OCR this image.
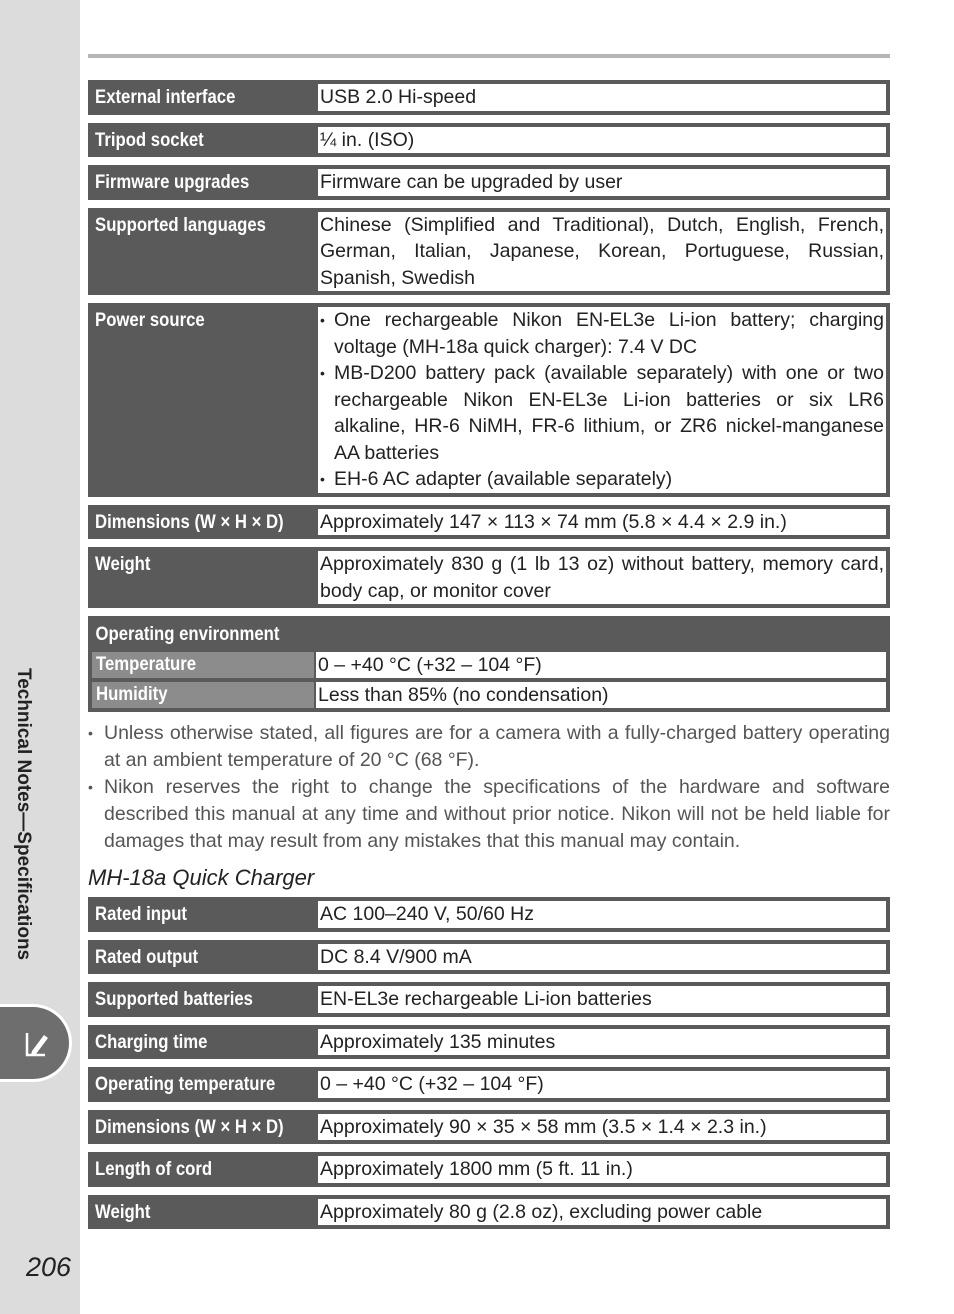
Technical Notes—Specifications
206
External interface	USB 2.0 Hi-speed
Tripod socket	¼ in. (ISO)
Firmware upgrades	Firmware can be upgraded by user
Supported languages	Chinese (Simplified and Traditional), Dutch, English, French, German, Italian, Japanese, Korean, Portuguese, Russian, Spanish, Swedish
Power source
•	One rechargeable Nikon EN-EL3e Li-ion battery; charging voltage (MH-18a quick charger): 7.4 V DC
• MB-D200 battery pack (available separately) with one or two rechargeable Nikon EN-EL3e Li-ion batteries or six LR6 alkaline, HR-6 NiMH, FR-6 lithium, or ZR6 nickel-manganese AA batteries
• EH-6 AC adapter (available separately)
Dimensions (W × H × D) Approximately 147 × 113 × 74 mm (5.8 × 4.4 × 2.9 in.)
Weight	Approximately 830 g (1 lb 13 oz) without battery, memory card, body cap, or monitor cover
Operating environment
Temperature	0 – +40 °C (+32 – 104 °F)
Humidity	Less than 85% (no condensation)
• Unless otherwise stated, all figures are for a camera with a fully-charged battery operating at an ambient temperature of 20 °C (68 °F).
• Nikon reserves the right to change the specifications of the hardware and software described this manual at any time and without prior notice. Nikon will not be held liable for damages that may result from any mistakes that this manual may contain.
MH-18a Quick Charger
Rated input	AC 100–240 V, 50/60 Hz
Rated output	DC 8.4 V/900 mA
Supported batteries	EN-EL3e rechargeable Li-ion batteries
Charging time	Approximately 135 minutes
Operating temperature	0 – +40 °C (+32 – 104 °F)
Dimensions (W × H × D) Approximately 90 × 35 × 58 mm (3.5 × 1.4 × 2.3 in.)
Length of cord	Approximately 1800 mm (5 ft. 11 in.)
Weight	Approximately 80 g (2.8 oz), excluding power cable
